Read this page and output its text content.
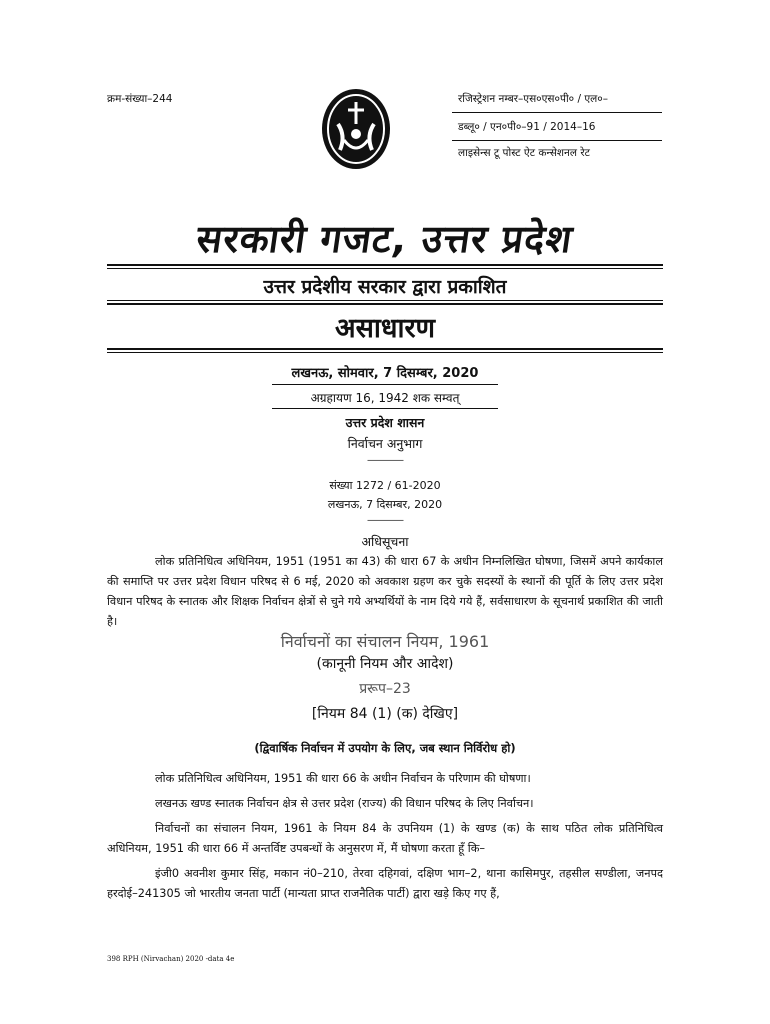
क्रम-संख्या–244	रजिस्ट्रेशन नम्बर–एस०एस०पी० / एल०–
डब्लू० / एन०पी०–91 / 2014–16
लाइसेन्स टू पोस्ट ऐट कन्सेशनल रेट
सरकारी गजट, उत्तर प्रदेश
उत्तर प्रदेशीय सरकार द्वारा प्रकाशित
असाधारण
लखनऊ, सोमवार, 7 दिसम्बर, 2020
अग्रहायण 16, 1942 शक सम्वत्
उत्तर प्रदेश शासन
निर्वाचन अनुभाग
————
संख्या 1272 / 61-2020
लखनऊ, 7 दिसम्बर, 2020
————
अधिसूचना
लोक प्रतिनिधित्व अधिनियम, 1951 (1951 का 43) की धारा 67 के अधीन निम्नलिखित घोषणा, जिसमें अपने कार्यकाल की समाप्ति पर उत्तर प्रदेश विधान परिषद से 6 मई, 2020 को अवकाश ग्रहण कर चुके सदस्यों के स्थानों की पूर्ति के लिए उत्तर प्रदेश विधान परिषद के स्नातक और शिक्षक निर्वाचन क्षेत्रों से चुने गये अभ्यर्थियों के नाम दिये गये हैं, सर्वसाधारण के सूचनार्थ प्रकाशित की जाती है।
निर्वाचनों का संचालन नियम, 1961
(कानूनी नियम और आदेश)
प्ररूप–23
[नियम 84 (1) (क) देखिए]
(द्विवार्षिक निर्वाचन में उपयोग के लिए, जब स्थान निर्विरोध हो)
लोक प्रतिनिधित्व अधिनियम, 1951 की धारा 66 के अधीन निर्वाचन के परिणाम की घोषणा।
लखनऊ खण्ड स्नातक निर्वाचन क्षेत्र से उत्तर प्रदेश (राज्य) की विधान परिषद के लिए निर्वाचन।
निर्वाचनों का संचालन नियम, 1961 के नियम 84 के उपनियम (1) के खण्ड (क) के साथ पठित लोक प्रतिनिधित्व अधिनियम, 1951 की धारा 66 में अन्तर्विष्ट उपबन्धों के अनुसरण में, मैं घोषणा करता हूँ कि–
इंजी0 अवनीश कुमार सिंह, मकान नं0–210, तेरवा दहिगवां, दक्षिण भाग–2, थाना कासिमपुर, तहसील सण्डीला, जनपद हरदोई–241305 जो भारतीय जनता पार्टी (मान्यता प्राप्त राजनैतिक पार्टी) द्वारा खड़े किए गए हैं,
398 RPH (Nirvachan) 2020 -data 4e
